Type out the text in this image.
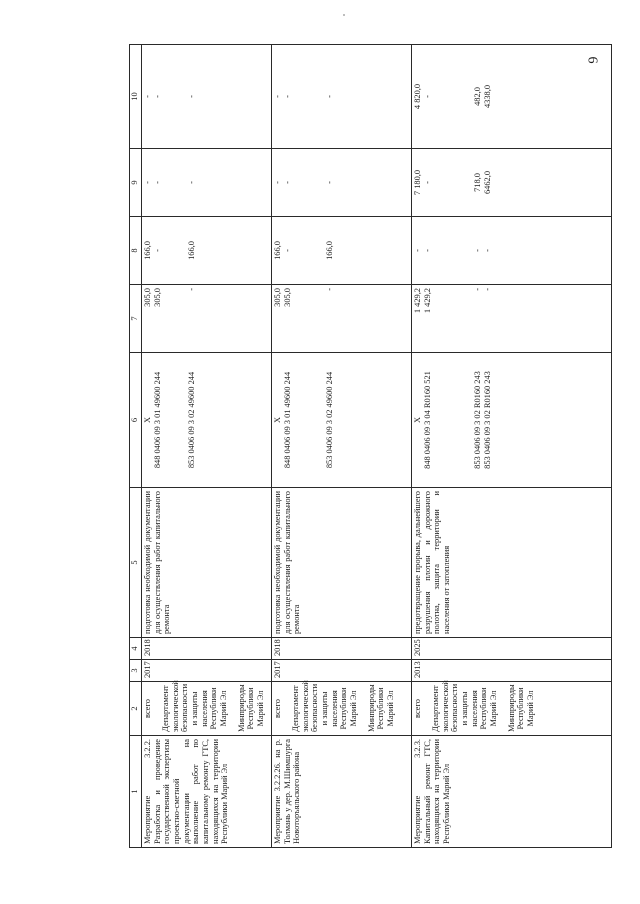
6
1	2	3	4	5	6	7	8	9	10
Мероприятие 3.2.2. Разработка и проведение государственной экспертизы проектно-сметной документации на выполнение работ по капитальному ремонту ГТС, находящихся на территории Республики Марий Эл	всего Департамент экологической безопасности и защиты населения Республики Марий Эл Минприроды Республики Марий Эл	2017	2018	подготовка необходимой документации для осуществления работ капитального ремонта	Х 848 0406 09 3 01 49600 244 853 0406 09 3 02 49600 244	305,0 305,0 -	166,0 - 166,0	- - -	- - -

Мероприятие 3.2.2.26. на р. Толмань у дер. М.Шимшурга Новоторъяльского района	всего Департамент экологической безопасности и защиты населения Республики Марий Эл Минприроды Республики Марий Эл	2017	2018	подготовка необходимой документации для осуществления работ капитального ремонта	Х 848 0406 09 3 01 49600 244 853 0406 09 3 02 49600 244	305,0 305,0 -	166,0 - 166,0	- - -	- - -

Мероприятие 3.2.3. Капитальный ремонт ГТС, находящихся на территории Республики Марий Эл	всего Департамент экологической безопасности и защиты населения Республики Марий Эл Минприроды Республики Марий Эл	2013	2025	предотвращение прорыва, дальнейшего разрушения плотин и дорожного полотна, защита территории и населения от затопления	Х 848 0406 09 3 04 R0160 521 853 0406 09 3 02 R0160 243 853 0406 09 3 02 R0160 243	1 429,2 1 429,2 - -	- - - -	7 180,0 - 718,0 6462,0	4 820,0 - 482,0 4338,0
